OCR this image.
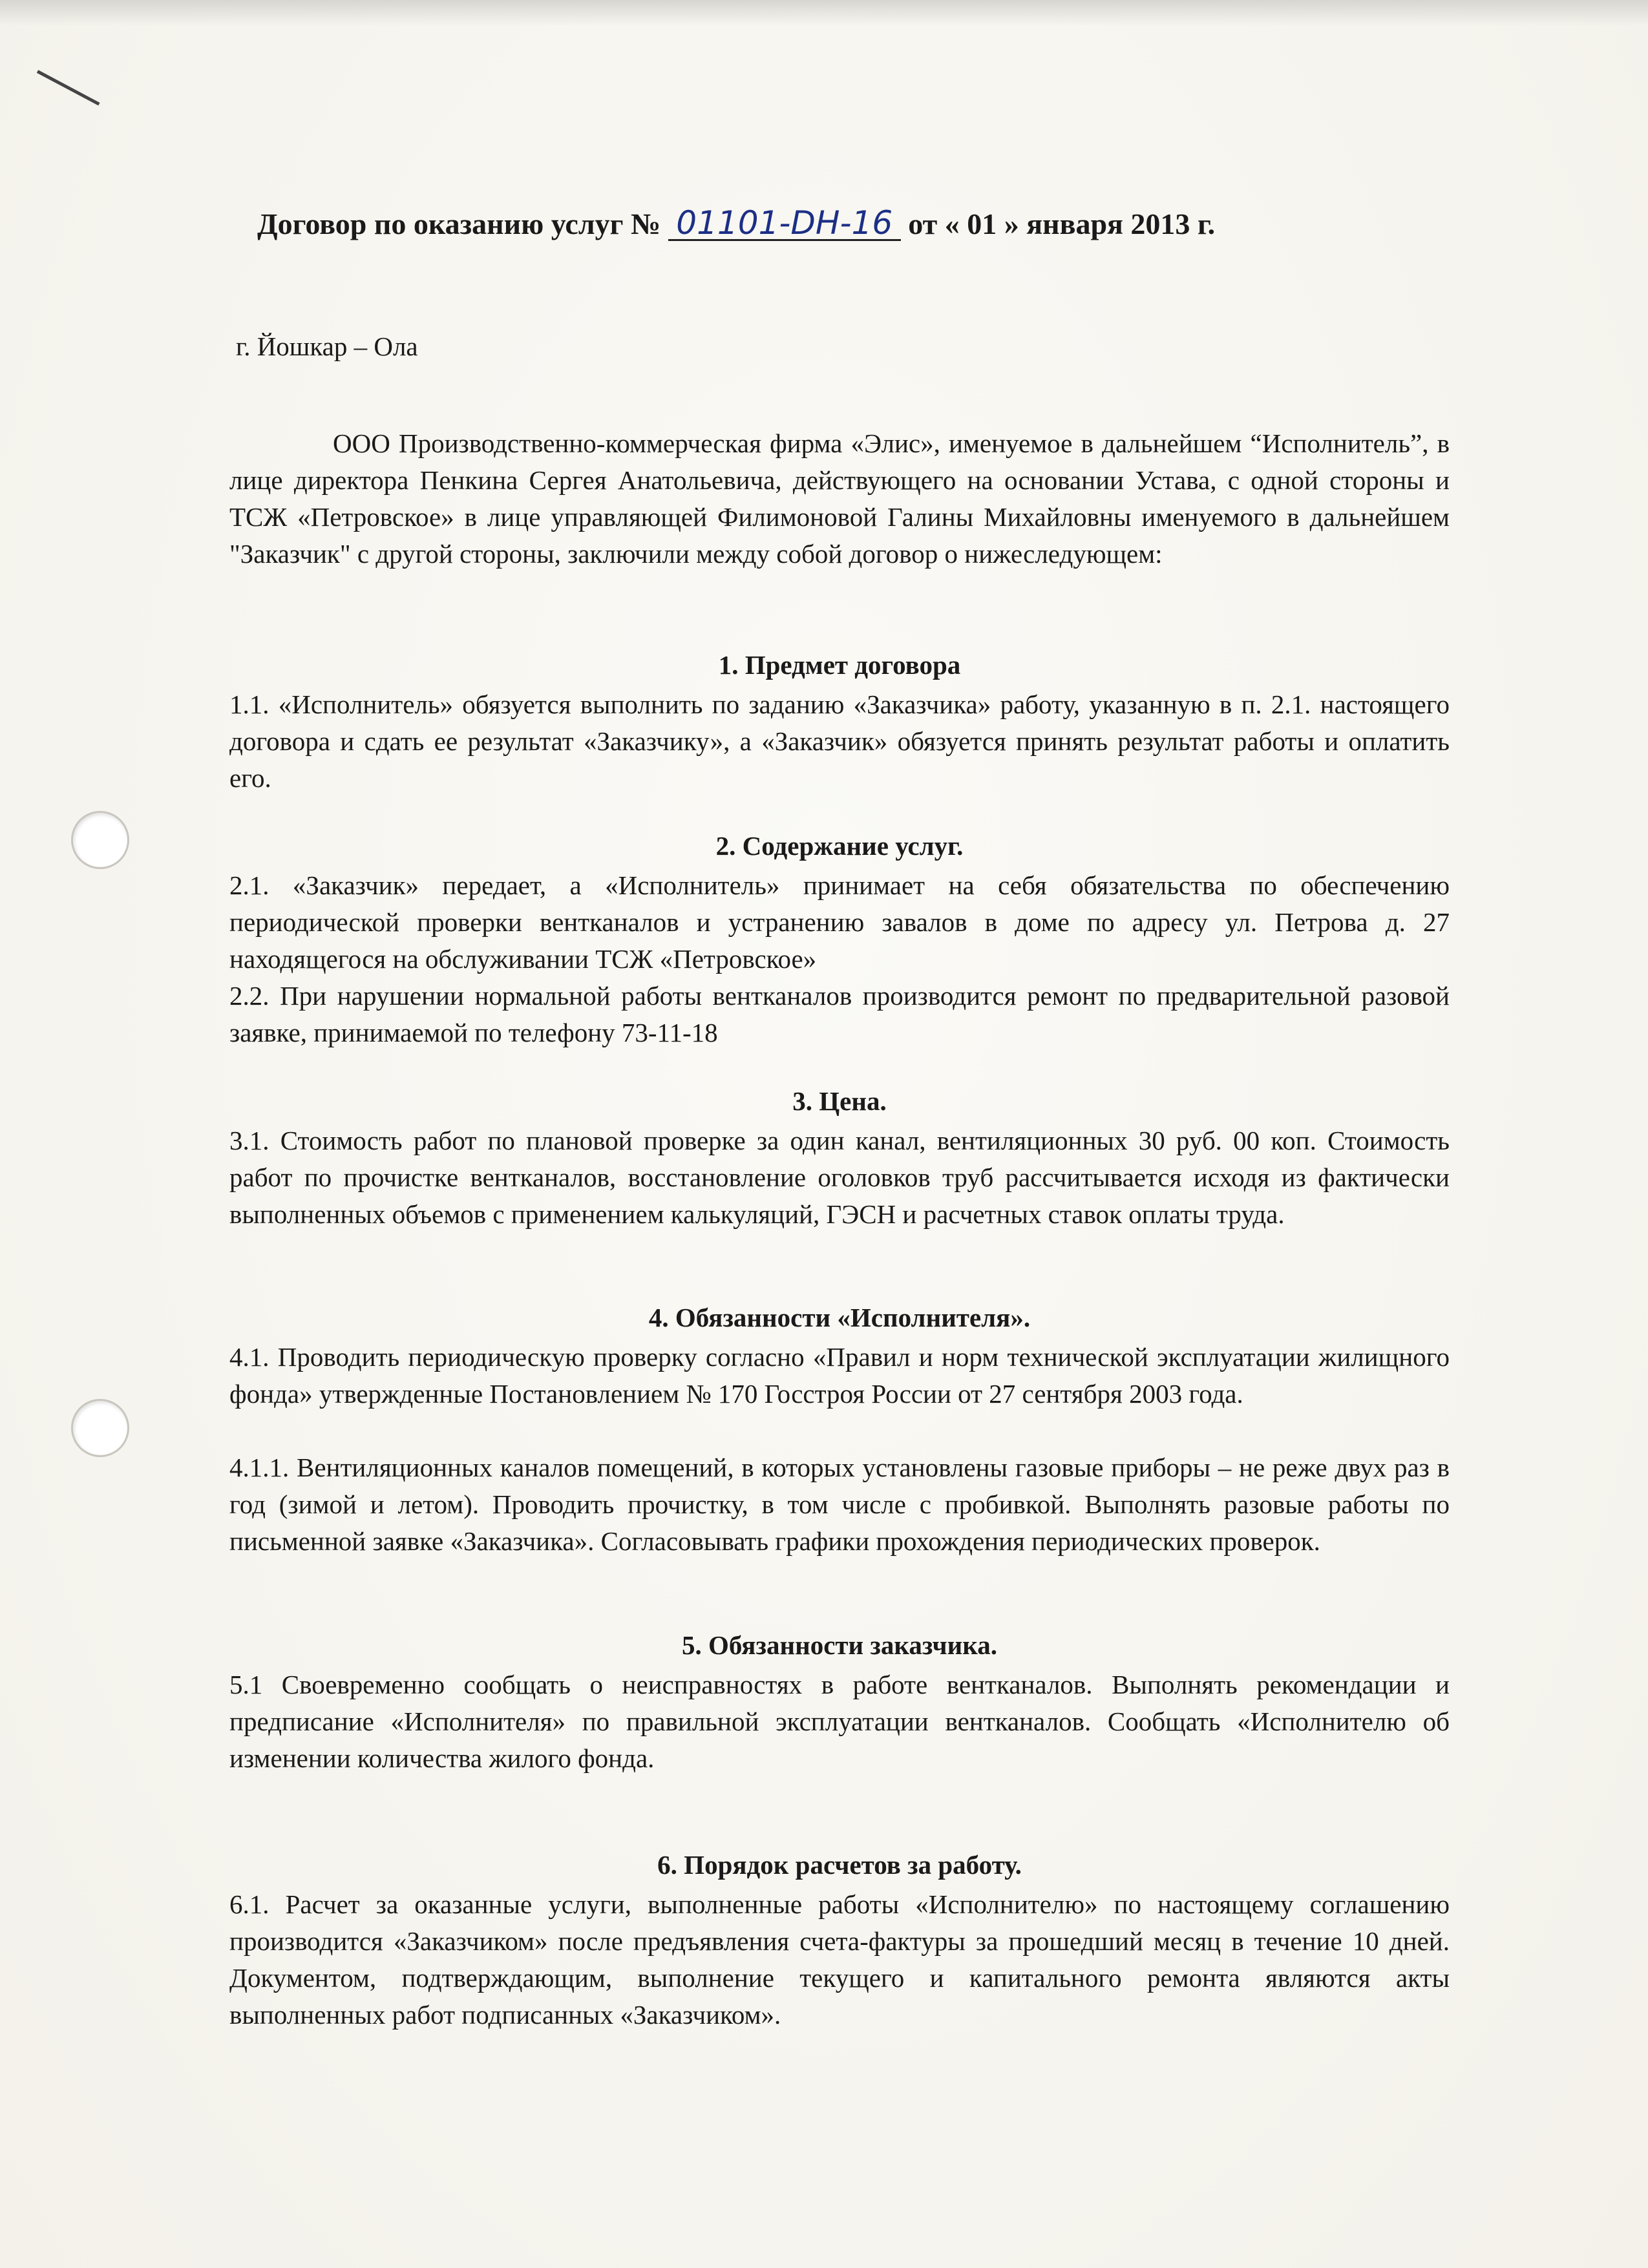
Договор по оказанию услуг № 01101-DH-16 от « 01 » января 2013 г.
г. Йошкар – Ола
ООО Производственно-коммерческая фирма «Элис», именуемое в дальнейшем “Исполнитель”, в лице директора Пенкина Сергея Анатольевича, действующего на основании Устава, с одной стороны и ТСЖ «Петровское» в лице управляющей Филимоновой Галины Михайловны именуемого в дальнейшем "Заказчик" с другой стороны, заключили между собой договор о нижеследующем:
1. Предмет договора
1.1. «Исполнитель» обязуется выполнить по заданию «Заказчика» работу, указанную в п. 2.1. настоящего договора и сдать ее результат «Заказчику», а «Заказчик» обязуется принять результат работы и оплатить его.
2. Содержание услуг.
2.1. «Заказчик» передает, а «Исполнитель» принимает на себя обязательства по обеспечению периодической проверки вентканалов и устранению завалов в доме по адресу ул. Петрова д. 27 находящегося на обслуживании ТСЖ «Петровское»
2.2. При нарушении нормальной работы вентканалов производится ремонт по предварительной разовой заявке, принимаемой по телефону 73-11-18
3. Цена.
3.1. Стоимость работ по плановой проверке за один канал, вентиляционных 30 руб. 00 коп. Стоимость работ по прочистке вентканалов, восстановление оголовков труб рассчитывается исходя из фактически выполненных объемов с применением калькуляций, ГЭСН и расчетных ставок оплаты труда.
4. Обязанности «Исполнителя».
4.1. Проводить периодическую проверку согласно «Правил и норм технической эксплуатации жилищного фонда» утвержденные Постановлением № 170 Госстроя России от 27 сентября 2003 года.
4.1.1. Вентиляционных каналов помещений, в которых установлены газовые приборы – не реже двух раз в год (зимой и летом). Проводить прочистку, в том числе с пробивкой. Выполнять разовые работы по письменной заявке «Заказчика». Согласовывать графики прохождения периодических проверок.
5. Обязанности заказчика.
5.1 Своевременно сообщать о неисправностях в работе вентканалов. Выполнять рекомендации и предписание «Исполнителя» по правильной эксплуатации вентканалов. Сообщать «Исполнителю об изменении количества жилого фонда.
6. Порядок расчетов за работу.
6.1. Расчет за оказанные услуги, выполненные работы «Исполнителю» по настоящему соглашению производится «Заказчиком» после предъявления счета-фактуры за прошедший месяц в течение 10 дней. Документом, подтверждающим, выполнение текущего и капитального ремонта являются акты выполненных работ подписанных «Заказчиком».
